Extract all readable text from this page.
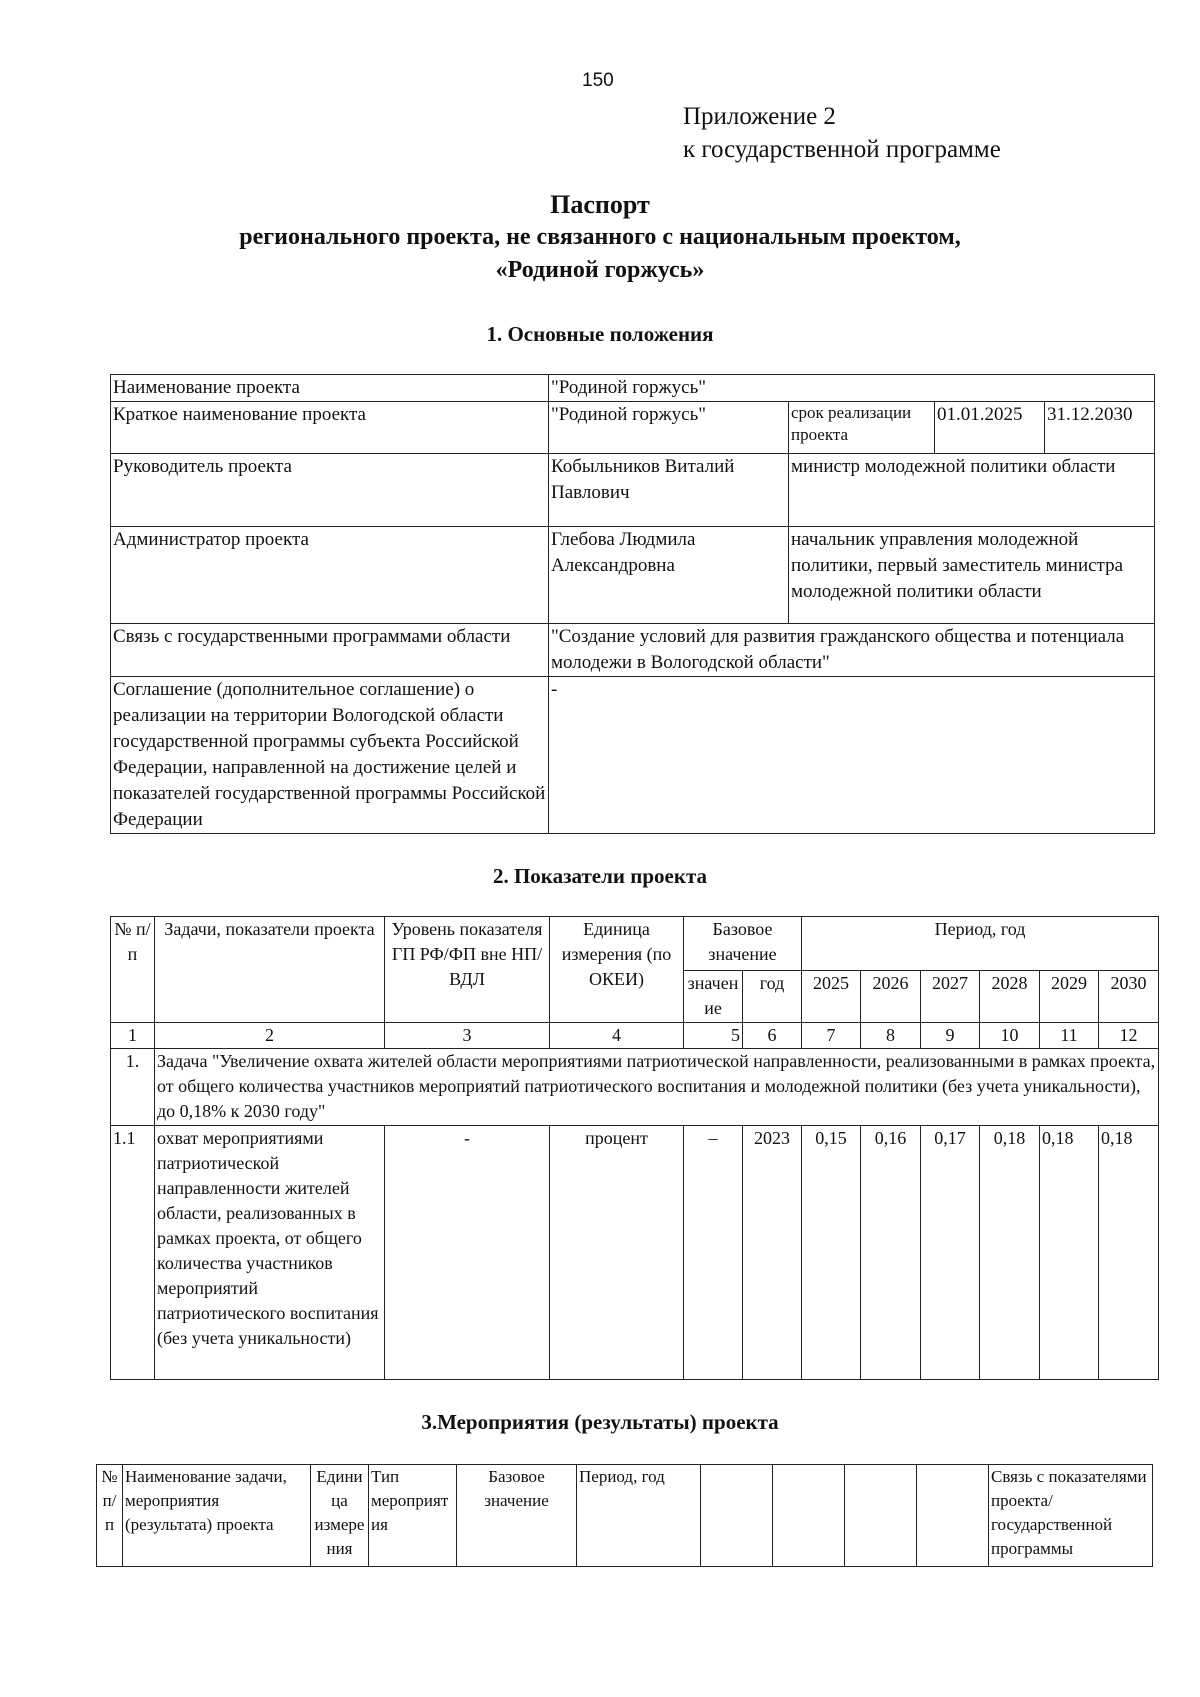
150
Приложение 2
к государственной программе
Паспорт
регионального проекта, не связанного с национальным проектом,
«Родиной горжусь»
1. Основные положения
Наименование проекта	"Родиной горжусь"			
Краткое наименование проекта	"Родиной горжусь"	срок реализации проекта	01.01.2025	31.12.2030
Руководитель проекта	Кобыльников Виталий Павлович	министр молодежной политики области		
Администратор проекта	Глебова Людмила Александровна	начальник управления молодежной политики, первый заместитель министра молодежной политики области		
Связь с государственными программами области	"Создание условий для развития гражданского общества и потенциала молодежи в Вологодской области"			
Соглашение (дополнительное соглашение) о реализации на территории Вологодской области государственной программы субъекта Российской Федерации, направленной на достижение целей и показателей государственной программы Российской Федерации	-			
2. Показатели проекта
№ п/п	Задачи, показатели проекта	Уровень показателя ГП РФ/ФП вне НП/ВДЛ	Единица измерения (по ОКЕИ)	Базовое значение		Период, год					
				значение	год	2025	2026	2027	2028	2029	2030
1	2	3	4	5	6	7	8	9	10	11	12
1.	Задача "Увеличение охвата жителей области мероприятиями патриотической направленности, реализованными в рамках проекта, от общего количества участников мероприятий патриотического воспитания и молодежной политики (без учета уникальности), до 0,18% к 2030 году"										
1.1	охват мероприятиями патриотической направленности жителей области, реализованных в рамках проекта, от общего количества участников мероприятий патриотического воспитания (без учета уникальности)	-	процент	–	2023	0,15	0,16	0,17	0,18	0,18	0,18
3.Мероприятия (результаты) проекта
№ п/п	Наименование задачи, мероприятия (результата) проекта	Единица измерения	Тип мероприятия	Базовое значение	Период, год					Связь с показателями проекта/государственной программы
